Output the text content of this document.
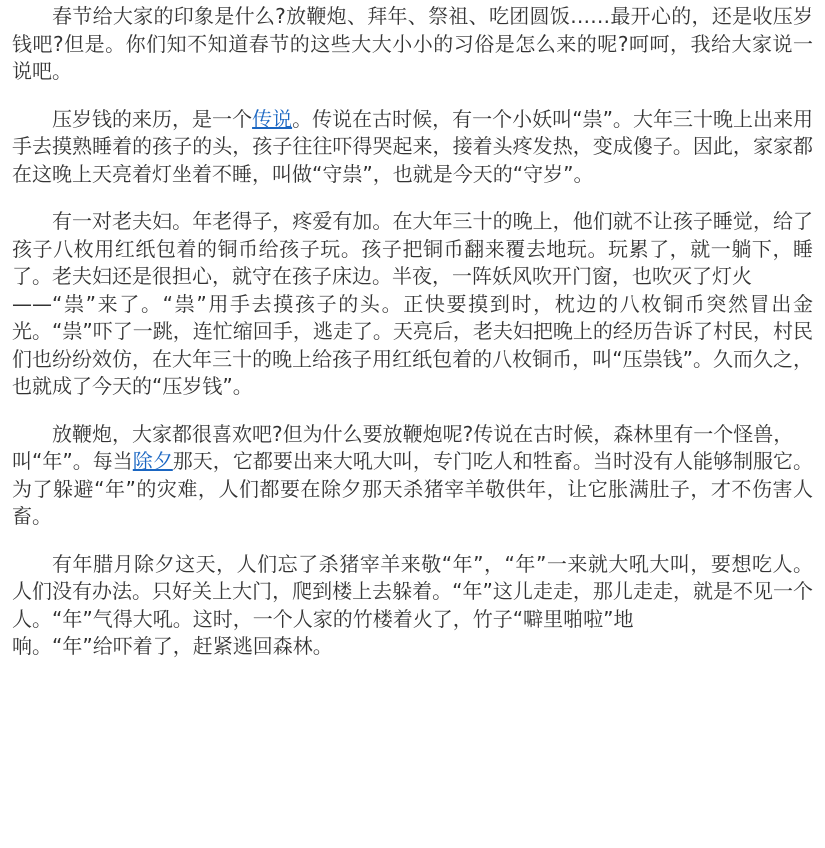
春节给大家的印象是什么?放鞭炮、拜年、祭祖、吃团圆饭……最开心的，还是收压岁钱吧?但是。你们知不知道春节的这些大大小小的习俗是怎么来的呢?呵呵，我给大家说一说吧。

压岁钱的来历，是一个传说。传说在古时候，有一个小妖叫“祟”。大年三十晚上出来用手去摸熟睡着的孩子的头，孩子往往吓得哭起来，接着头疼发热，变成傻子。因此，家家都在这晚上天亮着灯坐着不睡，叫做“守祟”，也就是今天的“守岁”。

有一对老夫妇。年老得子，疼爱有加。在大年三十的晚上，他们就不让孩子睡觉，给了孩子八枚用红纸包着的铜币给孩子玩。孩子把铜币翻来覆去地玩。玩累了，就一躺下，睡了。老夫妇还是很担心，就守在孩子床边。半夜，一阵妖风吹开门窗，也吹灭了灯火
——“祟”来了。“祟”用手去摸孩子的头。正快要摸到时，枕边的八枚铜币突然冒出金光。“祟”吓了一跳，连忙缩回手，逃走了。天亮后，老夫妇把晚上的经历告诉了村民，村民们也纷纷效仿，在大年三十的晚上给孩子用红纸包着的八枚铜币，叫“压祟钱”。久而久之，也就成了今天的“压岁钱”。

放鞭炮，大家都很喜欢吧?但为什么要放鞭炮呢?传说在古时候，森林里有一个怪兽，
叫“年”。每当除夕那天，它都要出来大吼大叫，专门吃人和牲畜。当时没有人能够制服它。为了躲避“年”的灾难，人们都要在除夕那天杀猪宰羊敬供年，让它胀满肚子，才不伤害人畜。

有年腊月除夕这天，人们忘了杀猪宰羊来敬“年”，“年”一来就大吼大叫，要想吃人。人们没有办法。只好关上大门，爬到楼上去躲着。“年”这儿走走，那儿走走，就是不见一个人。“年”气得大吼。这时，一个人家的竹楼着火了，竹子“噼里啪啦”地
响。“年”给吓着了，赶紧逃回森林。
